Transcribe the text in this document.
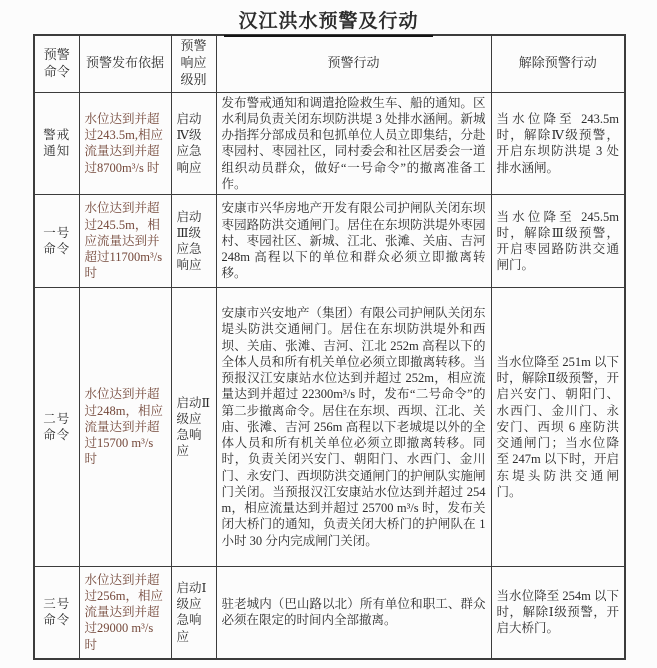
汉江洪水预警及行动
预警命令	预警发布依据	预警响应级别	预警行动	解除预警行动
警戒通知	水位达到并超过243.5m,相应流量达到并超过8700m³/s 时	启动Ⅳ级应急响应	发布警戒通知和调遣抢险救生车、船的通知。区水利局负责关闭东坝防洪堤 3 处排水涵闸。新城办指挥分部成员和包抓单位人员立即集结，分赴枣园村、枣园社区，同村委会和社区居委会一道组织动员群众，做好“一号命令”的撤离准备工作。	当水位降至 243.5m 时，解除Ⅳ级预警，开启东坝防洪堤 3 处排水涵闸。
一号命令	水位达到并超过245.5m，相应流量达到并超过11700m³/s 时	启动Ⅲ级应急响应	安康市兴华房地产开发有限公司护闸队关闭东坝枣园路防洪交通闸门。居住在东坝防洪堤外枣园村、枣园社区、新城、江北、张滩、关庙、吉河 248m 高程以下的单位和群众必须立即撤离转移。	当水位降至 245.5m 时，解除Ⅲ级预警，开启枣园路防洪交通闸门。
二号命令	水位达到并超过248m，相应流量达到并超过15700 m³/s 时	启动Ⅱ级应急响应	安康市兴安地产（集团）有限公司护闸队关闭东堤头防洪交通闸门。居住在东坝防洪堤外和西坝、关庙、张滩、吉河、江北 252m 高程以下的全体人员和所有机关单位必须立即撤离转移。当预报汉江安康站水位达到并超过 252m，相应流量达到并超过 22300m³/s 时，发布“二号命令”的第二步撤离命令。居住在东坝、西坝、江北、关庙、张滩、吉河 256m 高程以下老城堤以外的全体人员和所有机关单位必须立即撤离转移。同时，负责关闭兴安门、朝阳门、水西门、金川门、永安门、西坝防洪交通闸门的护闸队实施闸门关闭。当预报汉江安康站水位达到并超过 254m，相应流量达到并超过 25700 m³/s 时，发布关闭大桥门的通知，负责关闭大桥门的护闸队在 1 小时 30 分内完成闸门关闭。	当水位降至 251m 以下时，解除Ⅱ级预警，开启兴安门、朝阳门、水西门、金川门、永安门、西坝 6 座防洪交通闸门；当水位降至 247m 以下时，开启东堤头防洪交通闸门。
三号命令	水位达到并超过256m，相应流量达到并超过29000 m³/s 时	启动Ⅰ级应急响应	驻老城内（巴山路以北）所有单位和职工、群众必须在限定的时间内全部撤离。	当水位降至 254m 以下时，解除Ⅰ级预警，开启大桥门。
